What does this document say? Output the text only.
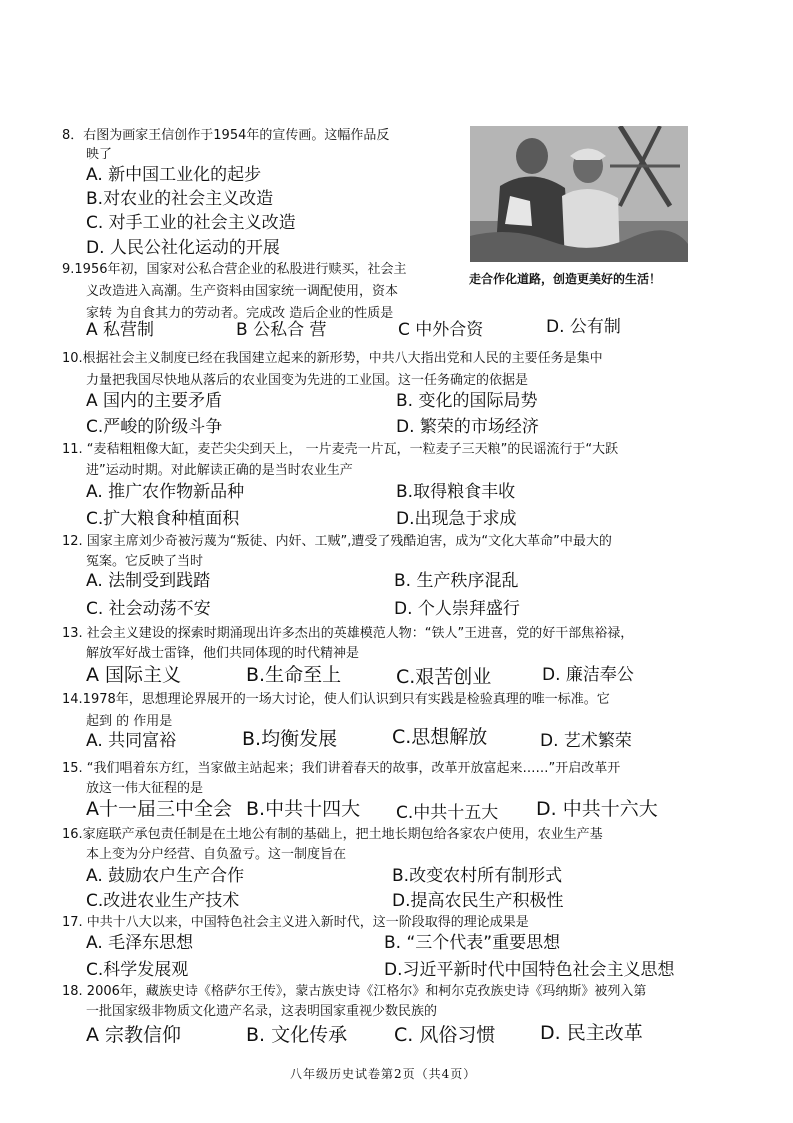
8．右图为画家王信创作于1954年的宣传画。这幅作品反
映了
A. 新中国工业化的起步
B.对农业的社会主义改造
C. 对手工业的社会主义改造
D. 人民公社化运动的开展
走合作化道路，创造更美好的生活！
9.1956年初，国家对公私合营企业的私股进行赎买，社会主
义改造进入高潮。生产资料由国家统一调配使用，资本
家转 为自食其力的劳动者。完成改 造后企业的性质是
A 私营制	B 公私合 营	C 中外合资	D. 公有制
10.根据社会主义制度已经在我国建立起来的新形势，中共八大指出党和人民的主要任务是集中
力量把我国尽快地从落后的农业国变为先进的工业国。这一任务确定的依据是
A 国内的主要矛盾	B. 变化的国际局势
C.严峻的阶级斗争	D. 繁荣的市场经济
11. “麦秸粗粗像大缸，麦芒尖尖到天上， 一片麦壳一片瓦，一粒麦子三天粮”的民谣流行于“大跃
进”运动时期。对此解读正确的是当时农业生产
A. 推广农作物新品种	B.取得粮食丰收
C.扩大粮食种植面积	D.出现急于求成
12. 国家主席刘少奇被污蔑为“叛徒、内奸、工贼”,遭受了残酷迫害，成为“文化大革命”中最大的
冤案。它反映了当时
A. 法制受到践踏	B. 生产秩序混乱
C. 社会动荡不安	D. 个人崇拜盛行
13. 社会主义建设的探索时期涌现出许多杰出的英雄模范人物：“铁人”王进喜，党的好干部焦裕禄，
解放军好战士雷锋，他们共同体现的时代精神是
A 国际主义	B.生命至上	C.艰苦创业	D. 廉洁奉公
14.1978年，思想理论界展开的一场大讨论，使人们认识到只有实践是检验真理的唯一标准。它
起到 的 作用是
A. 共同富裕	B.均衡发展	C.思想解放	D. 艺术繁荣
15. “我们唱着东方红，当家做主站起来；我们讲着春天的故事，改革开放富起来……”开启改革开
放这一伟大征程的是
A十一届三中全会 B.中共十四大 C.中共十五大 D. 中共十六大
16.家庭联产承包责任制是在土地公有制的基础上，把土地长期包给各家农户使用，农业生产基
本上变为分户经营、自负盈亏。这一制度旨在
A. 鼓励农户生产合作	B.改变农村所有制形式
C.改进农业生产技术	D.提高农民生产积极性
17. 中共十八大以来，中国特色社会主义进入新时代，这一阶段取得的理论成果是
A. 毛泽东思想	B. “三个代表”重要思想
C.科学发展观	D.习近平新时代中国特色社会主义思想
18. 2006年，藏族史诗《格萨尔王传》，蒙古族史诗《江格尔》和柯尔克孜族史诗《玛纳斯》被列入第
一批国家级非物质文化遗产名录，这表明国家重视少数民族的
A 宗教信仰	B. 文化传承 C. 风俗习惯 D. 民主改革
八年级历史试卷第2页（共4页）
